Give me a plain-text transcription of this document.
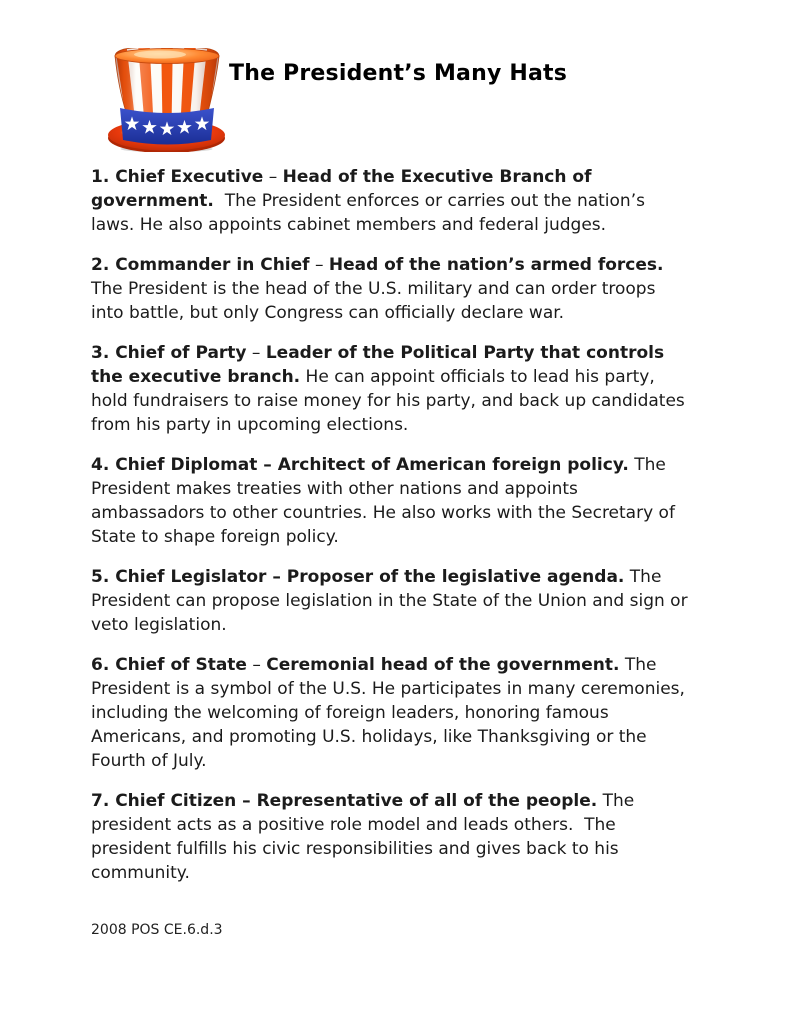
The President’s Many Hats

1. Chief Executive – Head of the Executive Branch of government.  The President enforces or carries out the nation’s laws. He also appoints cabinet members and federal judges.

2. Commander in Chief – Head of the nation’s armed forces.  The President is the head of the U.S. military and can order troops into battle, but only Congress can officially declare war.

3. Chief of Party – Leader of the Political Party that controls the executive branch. He can appoint officials to lead his party, hold fundraisers to raise money for his party, and back up candidates from his party in upcoming elections.

4. Chief Diplomat – Architect of American foreign policy. The President makes treaties with other nations and appoints ambassadors to other countries. He also works with the Secretary of State to shape foreign policy.

5. Chief Legislator – Proposer of the legislative agenda. The President can propose legislation in the State of the Union and sign or veto legislation.

6. Chief of State – Ceremonial head of the government. The President is a symbol of the U.S. He participates in many ceremonies, including the welcoming of foreign leaders, honoring famous Americans, and promoting U.S. holidays, like Thanksgiving or the Fourth of July.

7. Chief Citizen – Representative of all of the people. The president acts as a positive role model and leads others.  The president fulfills his civic responsibilities and gives back to his community.

2008 POS CE.6.d.3
